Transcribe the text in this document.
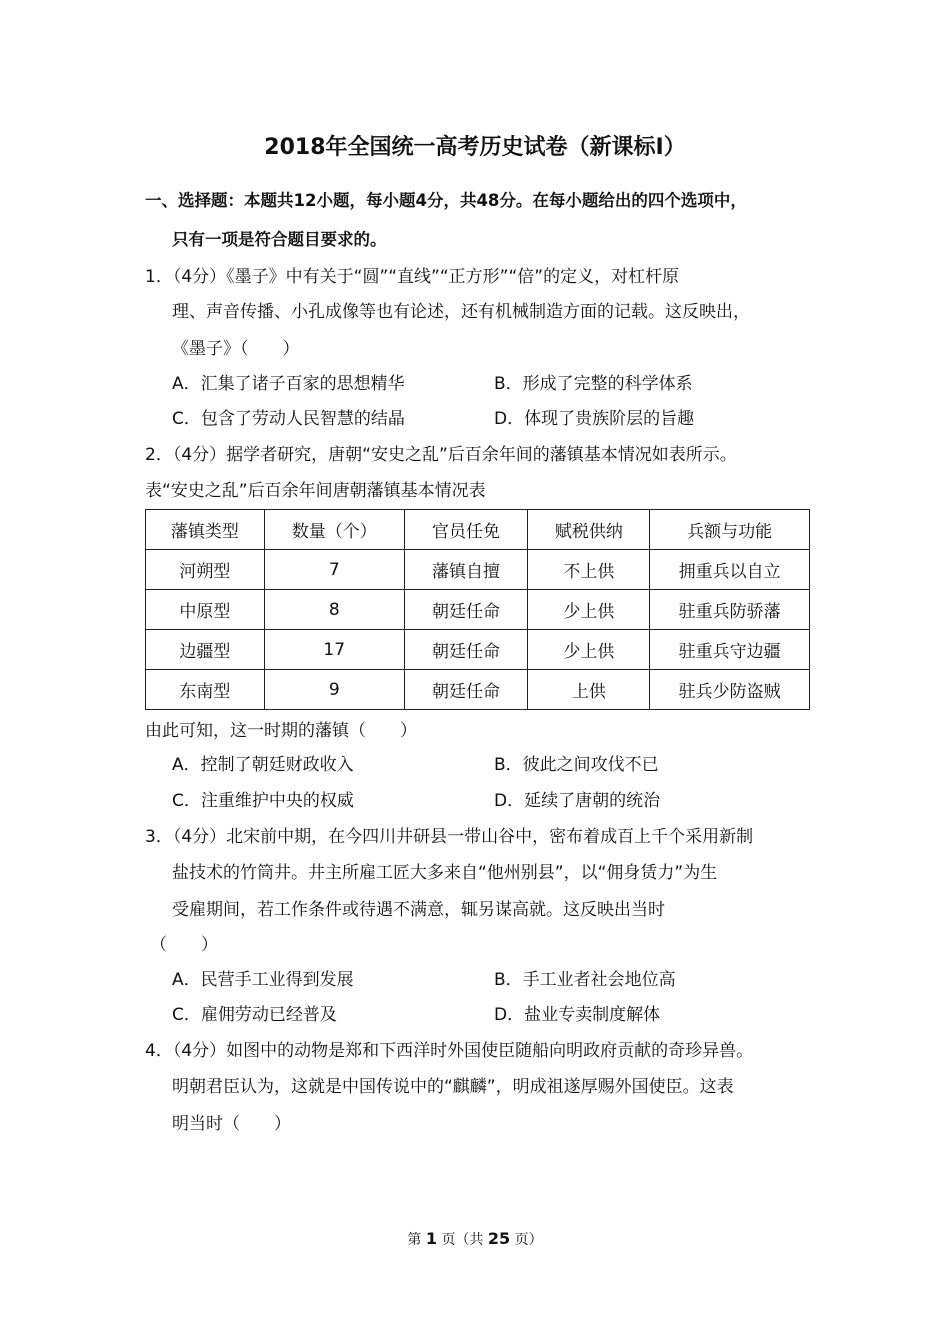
2018年全国统一高考历史试卷（新课标Ⅰ）
一、选择题：本题共12小题，每小题4分，共48分。在每小题给出的四个选项中，
只有一项是符合题目要求的。
1．（4分）《墨子》中有关于“圆”“直线”“正方形”“倍”的定义，对杠杆原
理、声音传播、小孔成像等也有论述，还有机械制造方面的记载。这反映出，
《墨子》（　　）
A．汇集了诸子百家的思想精华	B．形成了完整的科学体系
C．包含了劳动人民智慧的结晶	D．体现了贵族阶层的旨趣
2．（4分）据学者研究，唐朝“安史之乱”后百余年间的藩镇基本情况如表所示。
表“安史之乱”后百余年间唐朝藩镇基本情况表
藩镇类型	数量（个）	官员任免	赋税供纳	兵额与功能
河朔型	7	藩镇自擅	不上供	拥重兵以自立
中原型	8	朝廷任命	少上供	驻重兵防骄藩
边疆型	17	朝廷任命	少上供	驻重兵守边疆
东南型	9	朝廷任命	上供	驻兵少防盗贼
由此可知，这一时期的藩镇（　　）
A．控制了朝廷财政收入	B．彼此之间攻伐不已
C．注重维护中央的权威	D．延续了唐朝的统治
3．（4分）北宋前中期，在今四川井研县一带山谷中，密布着成百上千个采用新制
盐技术的竹筒井。井主所雇工匠大多来自“他州别县”，以“佣身赁力”为生
受雇期间，若工作条件或待遇不满意，辄另谋高就。这反映出当时
（　　）
A．民营手工业得到发展	B．手工业者社会地位高
C．雇佣劳动已经普及	D．盐业专卖制度解体
4．（4分）如图中的动物是郑和下西洋时外国使臣随船向明政府贡献的奇珍异兽。
明朝君臣认为，这就是中国传说中的“麒麟”，明成祖遂厚赐外国使臣。这表
明当时（　　）
第 1 页（共 25 页）
